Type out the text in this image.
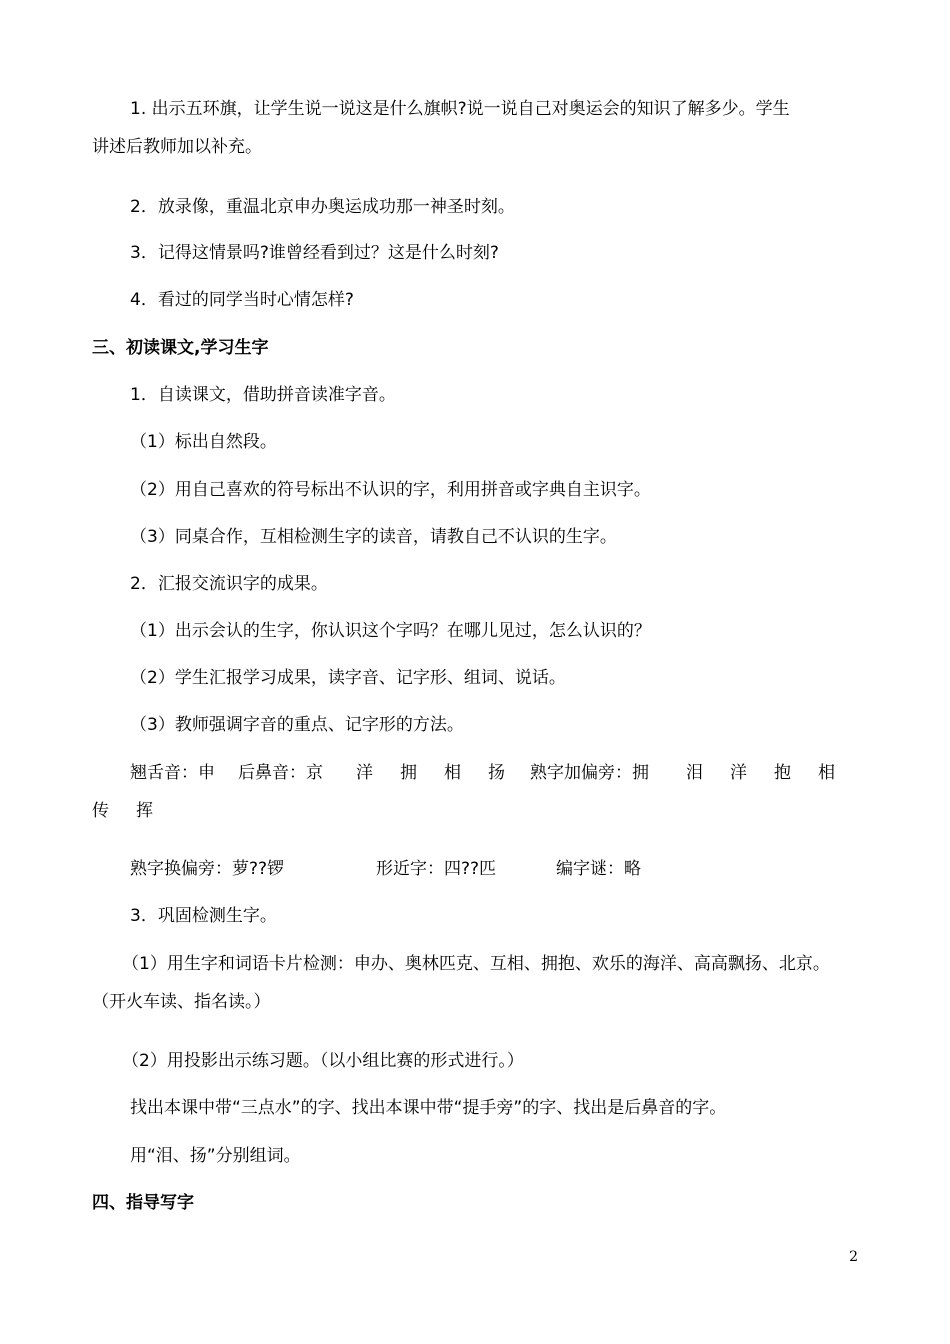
1. 出示五环旗，让学生说一说这是什么旗帜?说一说自己对奥运会的知识了解多少。学生
讲述后教师加以补充。
2．放录像，重温北京申办奥运成功那一神圣时刻。
3．记得这情景吗?谁曾经看到过？这是什么时刻?
4．看过的同学当时心情怎样?
三、初读课文,学习生字
1．自读课文，借助拼音读准字音。
（1）标出自然段。
（2）用自己喜欢的符号标出不认识的字，利用拼音或字典自主识字。
（3）同桌合作，互相检测生字的读音，请教自己不认识的生字。
2．汇报交流识字的成果。
（1）出示会认的生字，你认识这个字吗？在哪儿见过，怎么认识的？
（2）学生汇报学习成果，读字音、记字形、组词、说话。
（3）教师强调字音的重点、记字形的方法。
翘舌音：申 后鼻音：京 洋 拥 相 扬 熟字加偏旁：拥 泪 洋 抱 相
传 挥
熟字换偏旁：萝??锣	形近字：四??匹	编字谜：略
3．巩固检测生字。
（1）用生字和词语卡片检测：申办、奥林匹克、互相、拥抱、欢乐的海洋、高高飘扬、北京。
（开火车读、指名读。）
（2）用投影出示练习题。（以小组比赛的形式进行。）
找出本课中带“三点水”的字、找出本课中带“提手旁”的字、找出是后鼻音的字。
用“泪、扬”分别组词。
四、指导写字
2
